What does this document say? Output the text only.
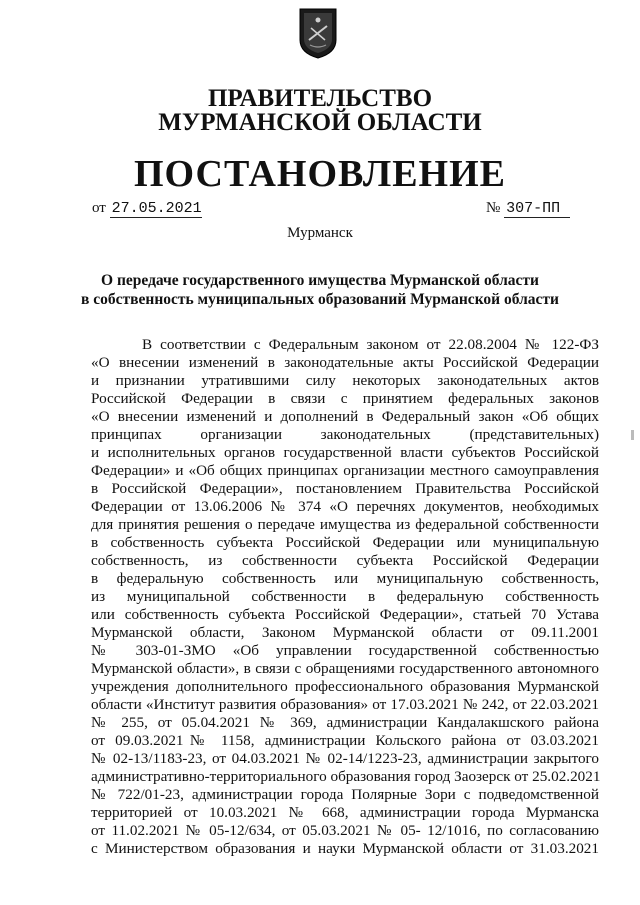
ПРАВИТЕЛЬСТВО
МУРМАНСКОЙ ОБЛАСТИ
ПОСТАНОВЛЕНИЕ
от 27.05.2021	№ 307-ПП
Мурманск
О передаче государственного имущества Мурманской области
в собственность муниципальных образований Мурманской области
В соответствии с Федеральным законом от 22.08.2004 № 122-ФЗ
«О внесении изменений в законодательные акты Российской Федерации
и признании утратившими силу некоторых законодательных актов
Российской Федерации в связи с принятием федеральных законов
«О внесении изменений и дополнений в Федеральный закон «Об общих
принципах организации законодательных (представительных)
и исполнительных органов государственной власти субъектов Российской
Федерации» и «Об общих принципах организации местного самоуправления
в Российской Федерации», постановлением Правительства Российской
Федерации от 13.06.2006 № 374 «О перечнях документов, необходимых
для принятия решения о передаче имущества из федеральной собственности
в собственность субъекта Российской Федерации или муниципальную
собственность, из собственности субъекта Российской Федерации
в федеральную собственность или муниципальную собственность,
из муниципальной собственности в федеральную собственность
или собственность субъекта Российской Федерации», статьей 70 Устава
Мурманской области, Законом Мурманской области от 09.11.2001
№ 303-01-ЗМО «Об управлении государственной собственностью
Мурманской области», в связи с обращениями государственного автономного
учреждения дополнительного профессионального образования Мурманской
области «Институт развития образования» от 17.03.2021 № 242, от 22.03.2021
№ 255, от 05.04.2021 № 369, администрации Кандалакшского района
от 09.03.2021№ 1158, администрации Кольского района от 03.03.2021
№ 02-13/1183-23, от 04.03.2021 № 02-14/1223-23, администрации закрытого
административно-территориального образования город Заозерск от 25.02.2021
№ 722/01-23, администрации города Полярные Зори с подведомственной
территорией от 10.03.2021 № 668, администрации города Мурманска
от 11.02.2021 № 05-12/634, от 05.03.2021 № 05- 12/1016, по согласованию
с Министерством образования и науки Мурманской области от 31.03.2021
